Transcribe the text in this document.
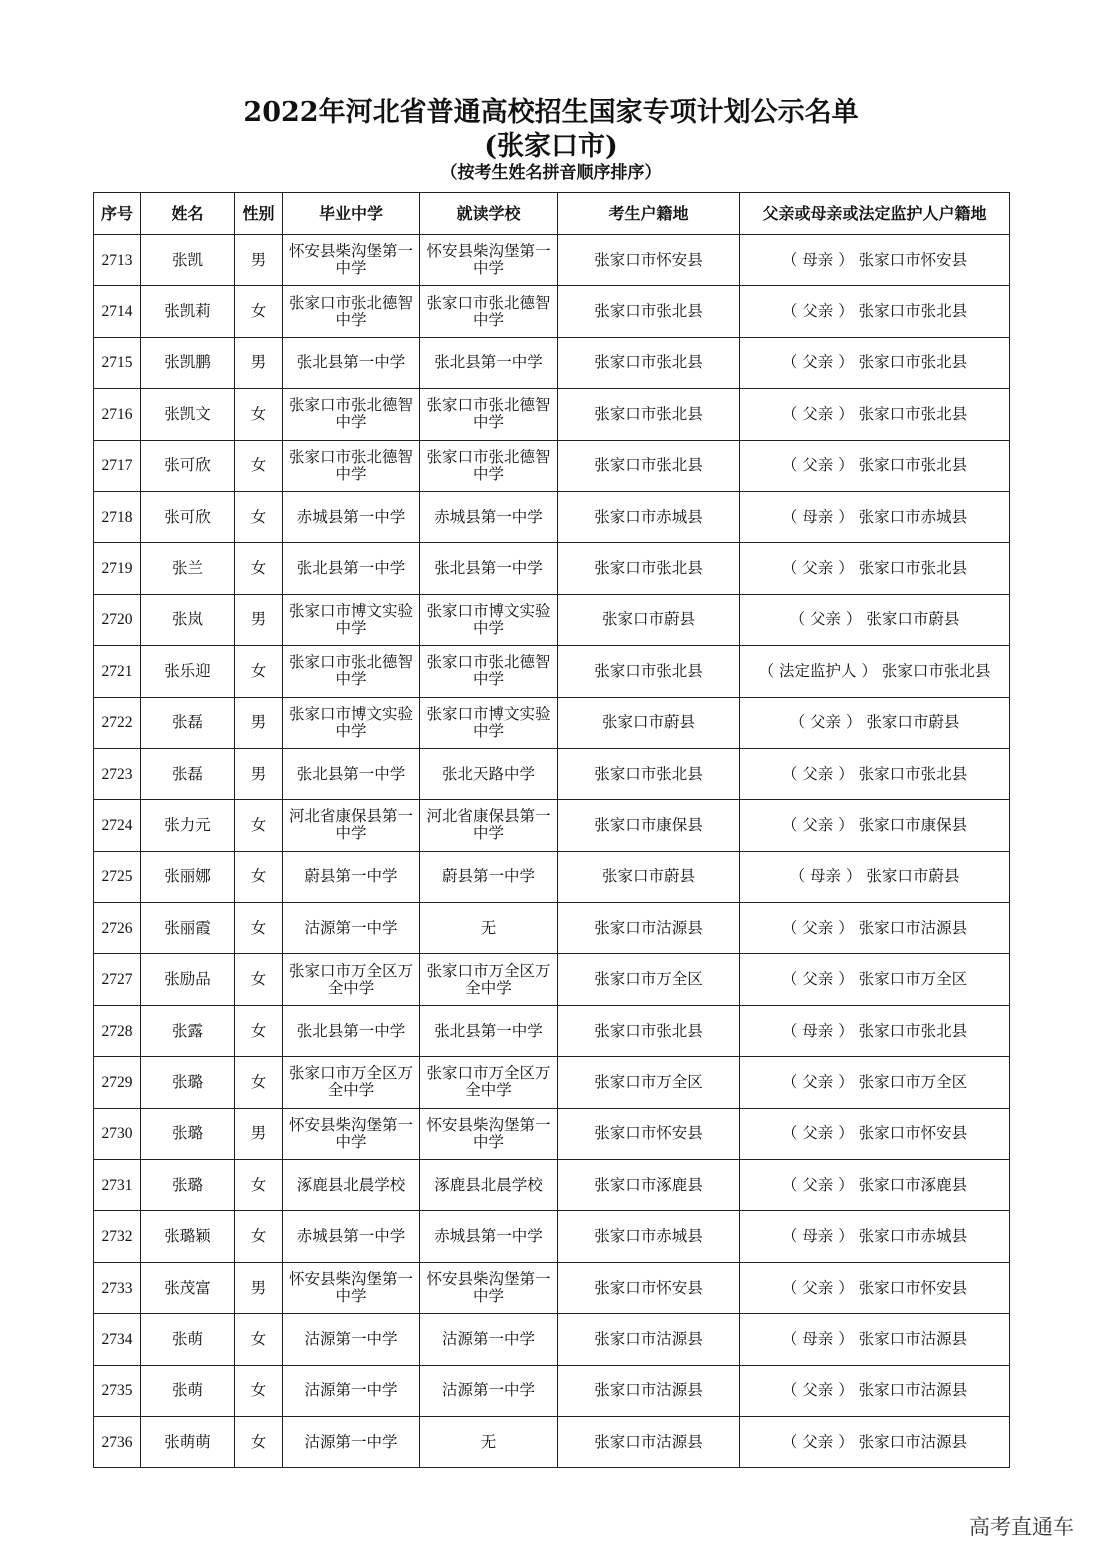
2022年河北省普通高校招生国家专项计划公示名单
(张家口市)
（按考生姓名拼音顺序排序）
序号	姓名	性别	毕业中学	就读学校	考生户籍地	父亲或母亲或法定监护人户籍地
2713	张凯	男	怀安县柴沟堡第一中学	怀安县柴沟堡第一中学	张家口市怀安县	（ 母亲 ） 张家口市怀安县
2714	张凯莉	女	张家口市张北德智中学	张家口市张北德智中学	张家口市张北县	（ 父亲 ） 张家口市张北县
2715	张凯鹏	男	张北县第一中学	张北县第一中学	张家口市张北县	（ 父亲 ） 张家口市张北县
2716	张凯文	女	张家口市张北德智中学	张家口市张北德智中学	张家口市张北县	（ 父亲 ） 张家口市张北县
2717	张可欣	女	张家口市张北德智中学	张家口市张北德智中学	张家口市张北县	（ 父亲 ） 张家口市张北县
2718	张可欣	女	赤城县第一中学	赤城县第一中学	张家口市赤城县	（ 母亲 ） 张家口市赤城县
2719	张兰	女	张北县第一中学	张北县第一中学	张家口市张北县	（ 父亲 ） 张家口市张北县
2720	张岚	男	张家口市博文实验中学	张家口市博文实验中学	张家口市蔚县	（ 父亲 ） 张家口市蔚县
2721	张乐迎	女	张家口市张北德智中学	张家口市张北德智中学	张家口市张北县	（ 法定监护人 ） 张家口市张北县
2722	张磊	男	张家口市博文实验中学	张家口市博文实验中学	张家口市蔚县	（ 父亲 ） 张家口市蔚县
2723	张磊	男	张北县第一中学	张北天路中学	张家口市张北县	（ 父亲 ） 张家口市张北县
2724	张力元	女	河北省康保县第一中学	河北省康保县第一中学	张家口市康保县	（ 父亲 ） 张家口市康保县
2725	张丽娜	女	蔚县第一中学	蔚县第一中学	张家口市蔚县	（ 母亲 ） 张家口市蔚县
2726	张丽霞	女	沽源第一中学	无	张家口市沽源县	（ 父亲 ） 张家口市沽源县
2727	张励品	女	张家口市万全区万全中学	张家口市万全区万全中学	张家口市万全区	（ 父亲 ） 张家口市万全区
2728	张露	女	张北县第一中学	张北县第一中学	张家口市张北县	（ 母亲 ） 张家口市张北县
2729	张璐	女	张家口市万全区万全中学	张家口市万全区万全中学	张家口市万全区	（ 父亲 ） 张家口市万全区
2730	张璐	男	怀安县柴沟堡第一中学	怀安县柴沟堡第一中学	张家口市怀安县	（ 父亲 ） 张家口市怀安县
2731	张璐	女	涿鹿县北晨学校	涿鹿县北晨学校	张家口市涿鹿县	（ 父亲 ） 张家口市涿鹿县
2732	张璐颖	女	赤城县第一中学	赤城县第一中学	张家口市赤城县	（ 母亲 ） 张家口市赤城县
2733	张茂富	男	怀安县柴沟堡第一中学	怀安县柴沟堡第一中学	张家口市怀安县	（ 父亲 ） 张家口市怀安县
2734	张萌	女	沽源第一中学	沽源第一中学	张家口市沽源县	（ 母亲 ） 张家口市沽源县
2735	张萌	女	沽源第一中学	沽源第一中学	张家口市沽源县	（ 父亲 ） 张家口市沽源县
2736	张萌萌	女	沽源第一中学	无	张家口市沽源县	（ 父亲 ） 张家口市沽源县
高考直通车
